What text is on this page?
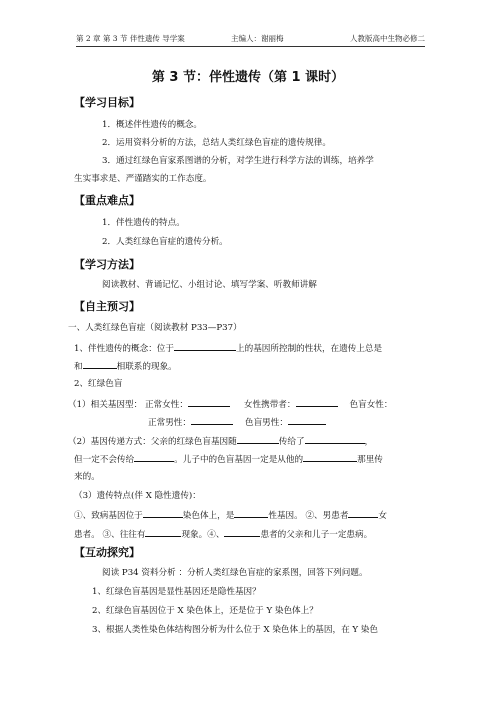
第 2 章 第 3 节 伴性遗传 导学案	主编人：谢丽梅	人教版高中生物必修二
第 3 节：伴性遗传（第 1 课时）
【学习目标】
1．概述伴性遗传的概念。
2．运用资料分析的方法，总结人类红绿色盲症的遗传规律。
3．通过红绿色盲家系图谱的分析，对学生进行科学方法的训练，培养学
生实事求是、严谨踏实的工作态度。
【重点难点】
1．伴性遗传的特点。
2．人类红绿色盲症的遗传分析。
【学习方法】
阅读教材、背诵记忆、小组讨论、填写学案、听教师讲解
【自主预习】
一、人类红绿色盲症（阅读教材 P33—P37）
1、伴性遗传的概念：位于	上的基因所控制的性状，在遗传上总是
和	相联系的现象。
2、红绿色盲
（1）相关基因型： 正常女性：	女性携带者：	色盲女性：
正常男性：	色盲男性：
（2）基因传递方式：父亲的红绿色盲基因随	传给了	，
但一定不会传给	。儿子中的色盲基因一定是从他的	那里传
来的。
（3）遗传特点(伴 X 隐性遗传)：
①、致病基因位于	染色体上，是	性基因。 ②、男患者	女
患者。 ③、往往有	现象。④、	患者的父亲和儿子一定患病。
【互动探究】
阅读 P34 资料分析 ：分析人类红绿色盲症的家系图，回答下列问题。
1、红绿色盲基因是显性基因还是隐性基因？
2、红绿色盲基因位于 X 染色体上，还是位于 Y 染色体上？
3、根据人类性染色体结构图分析为什么位于 X 染色体上的基因，在 Y 染色
